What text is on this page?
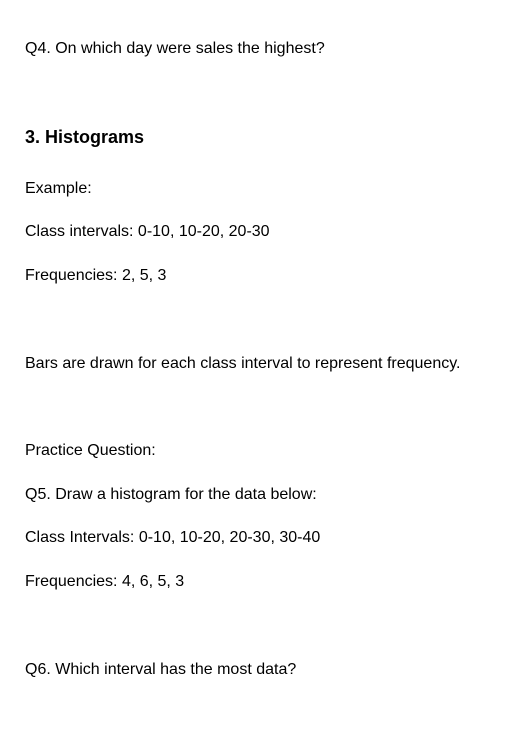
Q4. On which day were sales the highest?

3. Histograms

Example:

Class intervals: 0-10, 10-20, 20-30

Frequencies: 2, 5, 3

Bars are drawn for each class interval to represent frequency.

Practice Question:

Q5. Draw a histogram for the data below:

Class Intervals: 0-10, 10-20, 20-30, 30-40

Frequencies: 4, 6, 5, 3

Q6. Which interval has the most data?
